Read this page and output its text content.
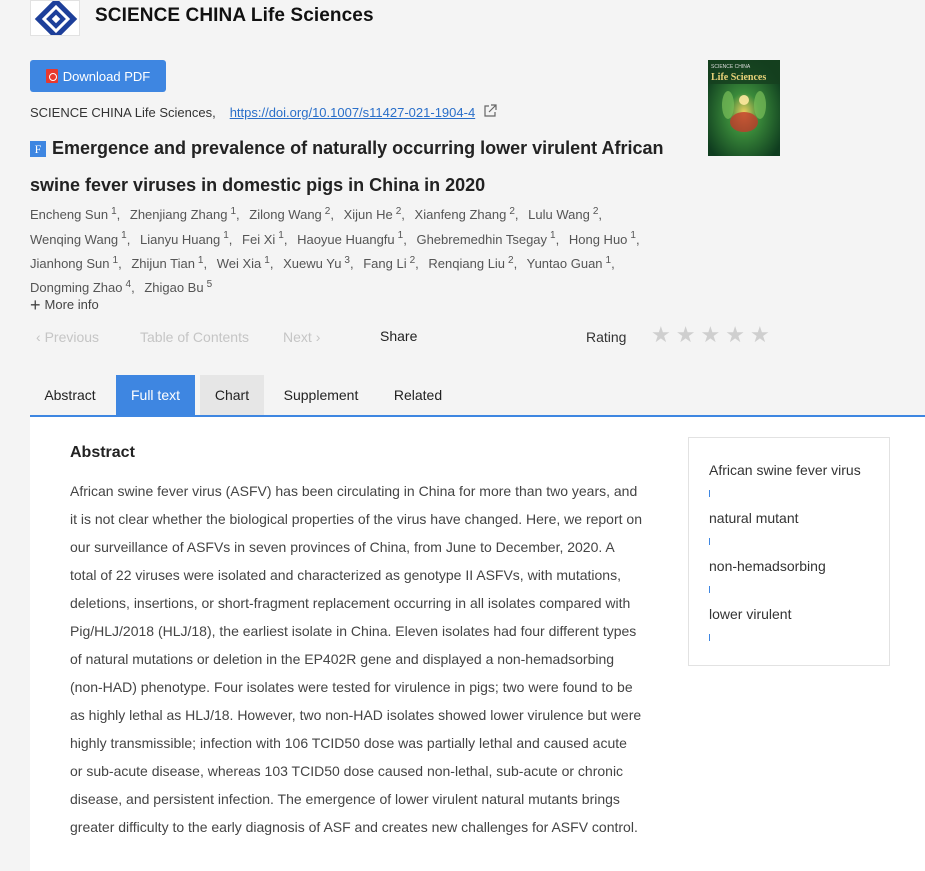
SCIENCE CHINA Life Sciences
Download PDF
SCIENCE CHINA
Life Sciences
SCIENCE CHINA Life Sciences, https://doi.org/10.1007/s11427-021-1904-4
F Emergence and prevalence of naturally occurring lower virulent African swine fever viruses in domestic pigs in China in 2020
Encheng Sun $^1$, Zhenjiang Zhang $^1$, Zilong Wang $^2$, Xijun He $^2$, Xianfeng Zhang $^2$, Lulu Wang $^2$, Wenqing Wang $^1$, Lianyu Huang $^1$, Fei Xi $^1$, Haoyue Huangfu $^1$, Ghebremedhin Tsegay $^1$, Hong Huo $^1$, Jianhong Sun $^1$, Zhijun Tian $^1$, Wei Xia $^1$, Xuewu Yu $^3$, Fang Li $^2$, Renqiang Liu $^2$, Yuntao Guan $^1$, Dongming Zhao $^4$, Zhigao Bu $^5$
+ More info
‹ Previous	Table of Contents Next ›	Share	Rating ★ ★ ★ ★ ★
Abstract	Full text	Chart	Supplement	Related
Abstract
African swine fever virus (ASFV) has been circulating in China for more than two years, and it is not clear whether the biological properties of the virus have changed. Here, we report on our surveillance of ASFVs in seven provinces of China, from June to December, 2020. A total of 22 viruses were isolated and characterized as genotype II ASFVs, with mutations, deletions, insertions, or short-fragment replacement occurring in all isolates compared with Pig/HLJ/2018 (HLJ/18), the earliest isolate in China. Eleven isolates had four different types of natural mutations or deletion in the EP402R gene and displayed a non-hemadsorbing (non-HAD) phenotype. Four isolates were tested for virulence in pigs; two were found to be as highly lethal as HLJ/18. However, two non-HAD isolates showed lower virulence but were highly transmissible; infection with 106 TCID50 dose was partially lethal and caused acute or sub-acute disease, whereas 103 TCID50 dose caused non-lethal, sub-acute or chronic disease, and persistent infection. The emergence of lower virulent natural mutants brings greater difficulty to the early diagnosis of ASF and creates new challenges for ASFV control.
African swine fever virus
natural mutant
non-hemadsorbing
lower virulent
